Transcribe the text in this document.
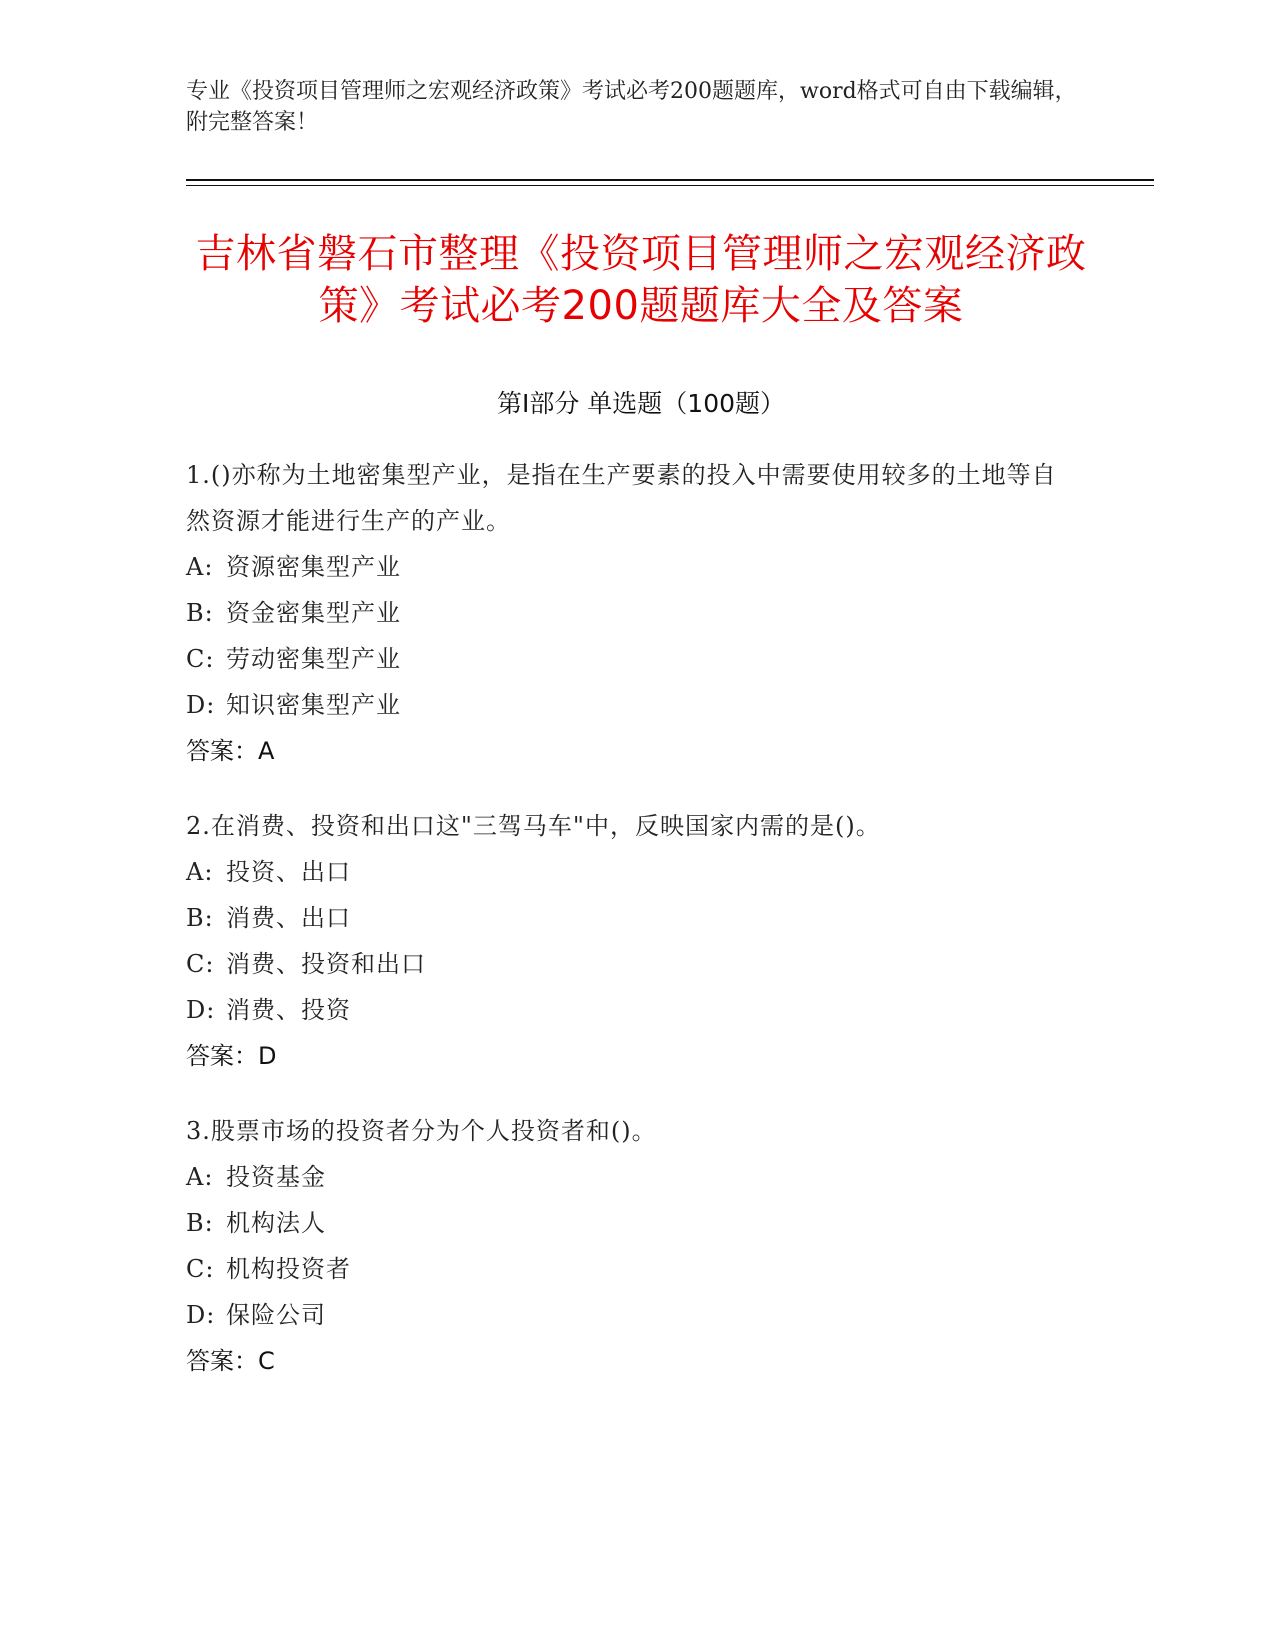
专业《投资项目管理师之宏观经济政策》考试必考200题题库，word格式可自由下载编辑，附完整答案！
吉林省磐石市整理《投资项目管理师之宏观经济政策》考试必考200题题库大全及答案
第I部分 单选题（100题）

1.()亦称为土地密集型产业，是指在生产要素的投入中需要使用较多的土地等自然资源才能进行生产的产业。

A: 资源密集型产业

B: 资金密集型产业

C: 劳动密集型产业

D: 知识密集型产业

答案：A

2.在消费、投资和出口这"三驾马车"中，反映国家内需的是()。

A: 投资、出口

B: 消费、出口

C: 消费、投资和出口

D: 消费、投资

答案：D

3.股票市场的投资者分为个人投资者和()。

A: 投资基金

B: 机构法人

C: 机构投资者

D: 保险公司

答案：C
